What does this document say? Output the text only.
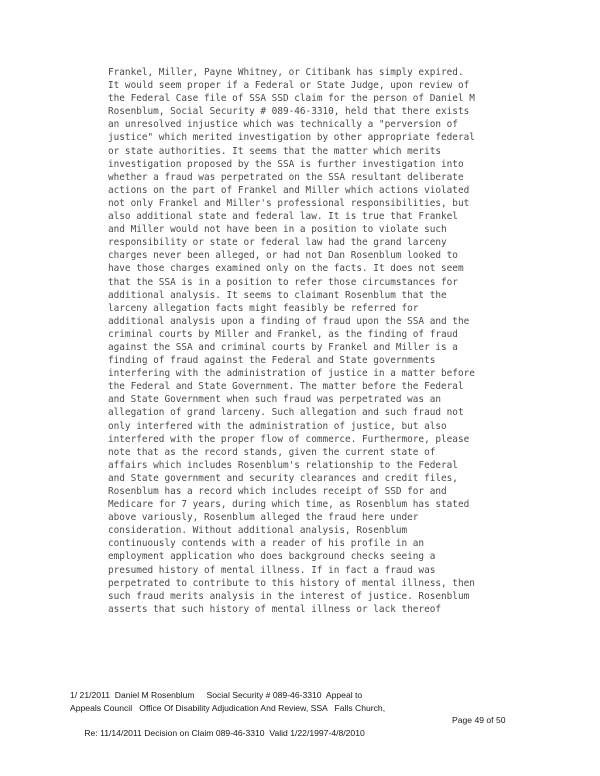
Frankel, Miller, Payne Whitney, or Citibank has simply expired.
It would seem proper if a Federal or State Judge, upon review of
the Federal Case file of SSA SSD claim for the person of Daniel M
Rosenblum, Social Security # 089-46-3310, held that there exists
an unresolved injustice which was technically a "perversion of
justice" which merited investigation by other appropriate federal
or state authorities. It seems that the matter which merits
investigation proposed by the SSA is further investigation into
whether a fraud was perpetrated on the SSA resultant deliberate
actions on the part of Frankel and Miller which actions violated
not only Frankel and Miller's professional responsibilities, but
also additional state and federal law. It is true that Frankel
and Miller would not have been in a position to violate such
responsibility or state or federal law had the grand larceny
charges never been alleged, or had not Dan Rosenblum looked to
have those charges examined only on the facts. It does not seem
that the SSA is in a position to refer those circumstances for
additional analysis. It seems to claimant Rosenblum that the
larceny allegation facts might feasibly be referred for
additional analysis upon a finding of fraud upon the SSA and the
criminal courts by Miller and Frankel, as the finding of fraud
against the SSA and criminal courts by Frankel and Miller is a
finding of fraud against the Federal and State governments
interfering with the administration of justice in a matter before
the Federal and State Government. The matter before the Federal
and State Government when such fraud was perpetrated was an
allegation of grand larceny. Such allegation and such fraud not
only interfered with the administration of justice, but also
interfered with the proper flow of commerce. Furthermore, please
note that as the record stands, given the current state of
affairs which includes Rosenblum's relationship to the Federal
and State government and security clearances and credit files,
Rosenblum has a record which includes receipt of SSD for and
Medicare for 7 years, during which time, as Rosenblum has stated
above variously, Rosenblum alleged the fraud here under
consideration. Without additional analysis, Rosenblum
continuously contends with a reader of his profile in an
employment application who does background checks seeing a
presumed history of mental illness. If in fact a fraud was
perpetrated to contribute to this history of mental illness, then
such fraud merits analysis in the interest of justice. Rosenblum
asserts that such history of mental illness or lack thereof
1/ 21/2011  Daniel M Rosenblum     Social Security # 089-46-3310  Appeal to
Appeals Council   Office Of Disability Adjudication And Review, SSA   Falls Church,

Re: 11/14/2011 Decision on Claim 089-46-3310  Valid 1/22/1997-4/8/2010

Page 49 of 50
